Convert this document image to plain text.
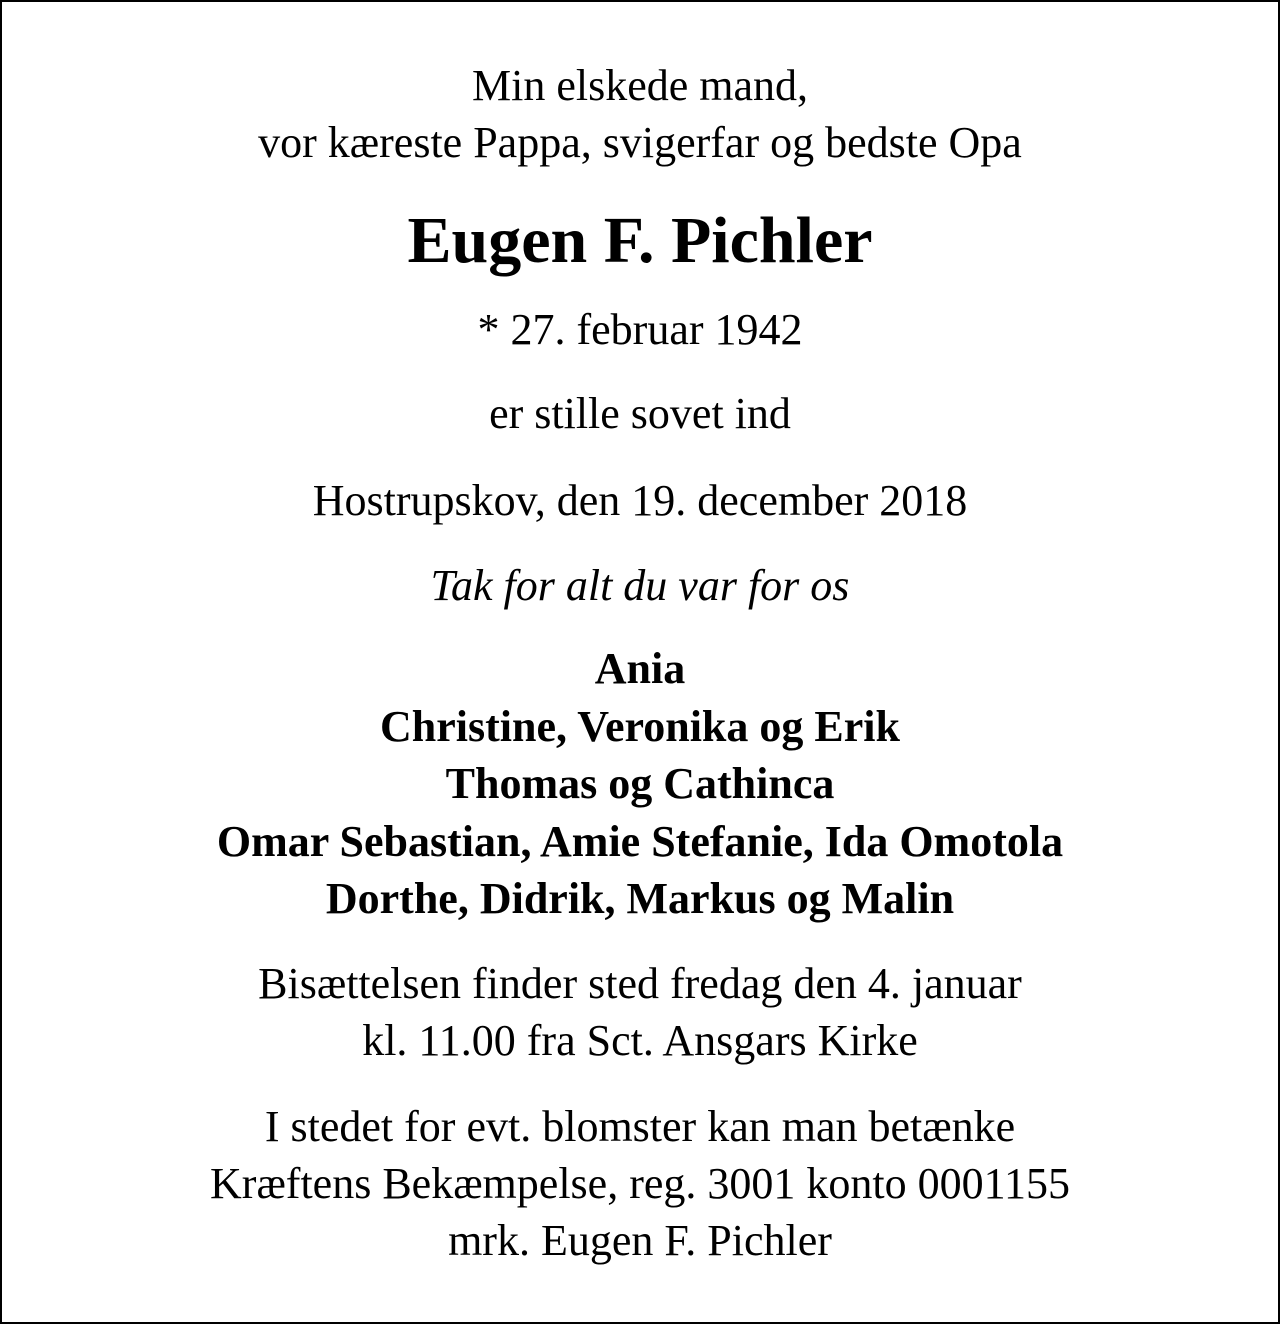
Min elskede mand,

vor kæreste Pappa, svigerfar og bedste Opa

Eugen F. Pichler

* 27. februar 1942

er stille sovet ind

Hostrupskov, den 19. december 2018

Tak for alt du var for os

Ania

Christine, Veronika og Erik

Thomas og Cathinca

Omar Sebastian, Amie Stefanie, Ida Omotola

Dorthe, Didrik, Markus og Malin

Bisættelsen finder sted fredag den 4. januar

kl. 11.00 fra Sct. Ansgars Kirke

I stedet for evt. blomster kan man betænke

Kræftens Bekæmpelse, reg. 3001 konto 0001155

mrk. Eugen F. Pichler
